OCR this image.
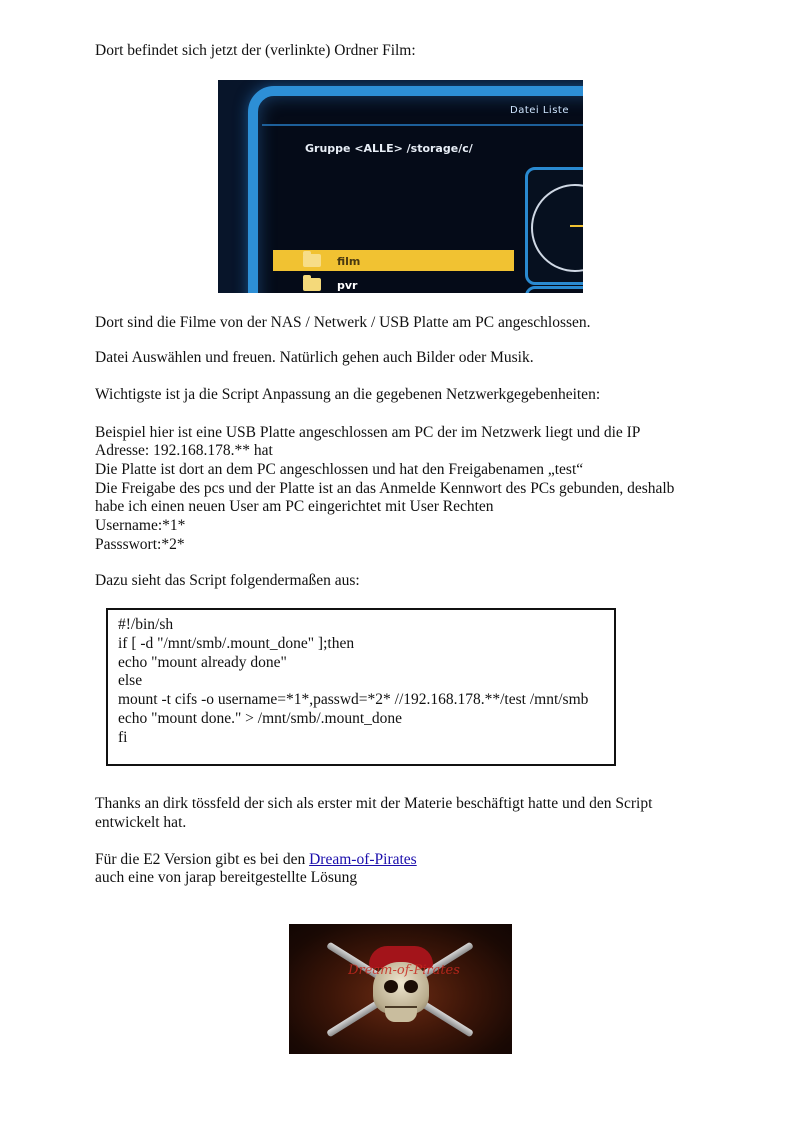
Dort befindet sich jetzt der (verlinkte) Ordner Film:

Datei Liste
Gruppe <ALLE> /storage/c/
film
pvr

Dort sind die Filme von der NAS / Netwerk / USB Platte am PC angeschlossen.

Datei Auswählen und freuen. Natürlich gehen auch Bilder oder Musik.

Wichtigste ist ja die Script Anpassung an die gegebenen Netzwerkgegebenheiten:

Beispiel hier ist eine USB Platte angeschlossen am PC der im Netzwerk liegt und die IP

Adresse: 192.168.178.** hat

Die Platte ist dort an dem PC angeschlossen und hat den Freigabenamen „test“

Die Freigabe des pcs und der Platte ist an das Anmelde Kennwort des PCs gebunden, deshalb

habe ich einen neuen User am PC eingerichtet mit User Rechten

Username:*1*

Passswort:*2*

Dazu sieht das Script folgendermaßen aus:

#!/bin/sh
if [ -d "/mnt/smb/.mount_done" ];then
echo "mount already done"
else
mount -t cifs -o username=*1*,passwd=*2* //192.168.178.**/test /mnt/smb
echo "mount done." > /mnt/smb/.mount_done
fi

Thanks an dirk tössfeld der sich als erster mit der Materie beschäftigt hatte und den Script

entwickelt hat.

Für die E2 Version gibt es bei den Dream-of-Pirates

auch eine von jarap bereitgestellte Lösung

Dream-of-Pirates
